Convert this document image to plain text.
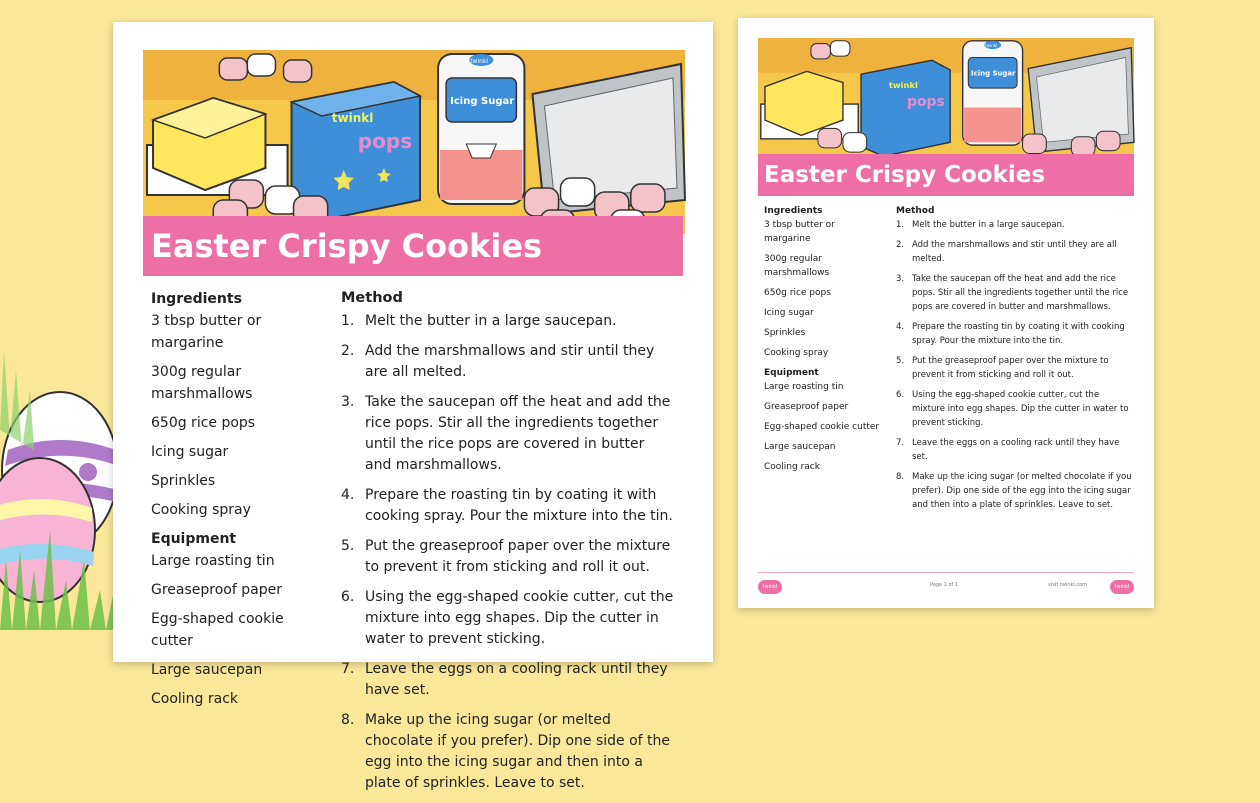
twinkl
pops
twinkl
Icing Sugar
Easter Crispy Cookies
Ingredients
3 tbsp butter or margarine
300g regular marshmallows
650g rice pops
Icing sugar
Sprinkles
Cooking spray
Equipment
Large roasting tin
Greaseproof paper
Egg-shaped cookie cutter
Large saucepan
Cooling rack
Method
1. Melt the butter in a large saucepan.
2. Add the marshmallows and stir until they are all melted.
3. Take the saucepan off the heat and add the rice pops. Stir all the ingredients together until the rice pops are covered in butter and marshmallows.
4. Prepare the roasting tin by coating it with cooking spray. Pour the mixture into the tin.
5. Put the greaseproof paper over the mixture to prevent it from sticking and roll it out.
6. Using the egg-shaped cookie cutter, cut the mixture into egg shapes. Dip the cutter in water to prevent sticking.
7. Leave the eggs on a cooling rack until they have set.
8. Make up the icing sugar (or melted chocolate if you prefer). Dip one side of the egg into the icing sugar and then into a plate of sprinkles. Leave to set.
twinkl
pops
twinkl
Icing Sugar
Easter Crispy Cookies
Ingredients
3 tbsp butter or margarine
300g regular marshmallows
650g rice pops
Icing sugar
Sprinkles
Cooking spray
Equipment
Large roasting tin
Greaseproof paper
Egg-shaped cookie cutter
Large saucepan
Cooling rack
Method
1. Melt the butter in a large saucepan.
2. Add the marshmallows and stir until they are all melted.
3. Take the saucepan off the heat and add the rice pops. Stir all the ingredients together until the rice pops are covered in butter and marshmallows.
4. Prepare the roasting tin by coating it with cooking spray. Pour the mixture into the tin.
5. Put the greaseproof paper over the mixture to prevent it from sticking and roll it out.
6. Using the egg-shaped cookie cutter, cut the mixture into egg shapes. Dip the cutter in water to prevent sticking.
7. Leave the eggs on a cooling rack until they have set.
8. Make up the icing sugar (or melted chocolate if you prefer). Dip one side of the egg into the icing sugar and then into a plate of sprinkles. Leave to set.
twinkl	Page 1 of 1	visit twinkl.com	twinkl
